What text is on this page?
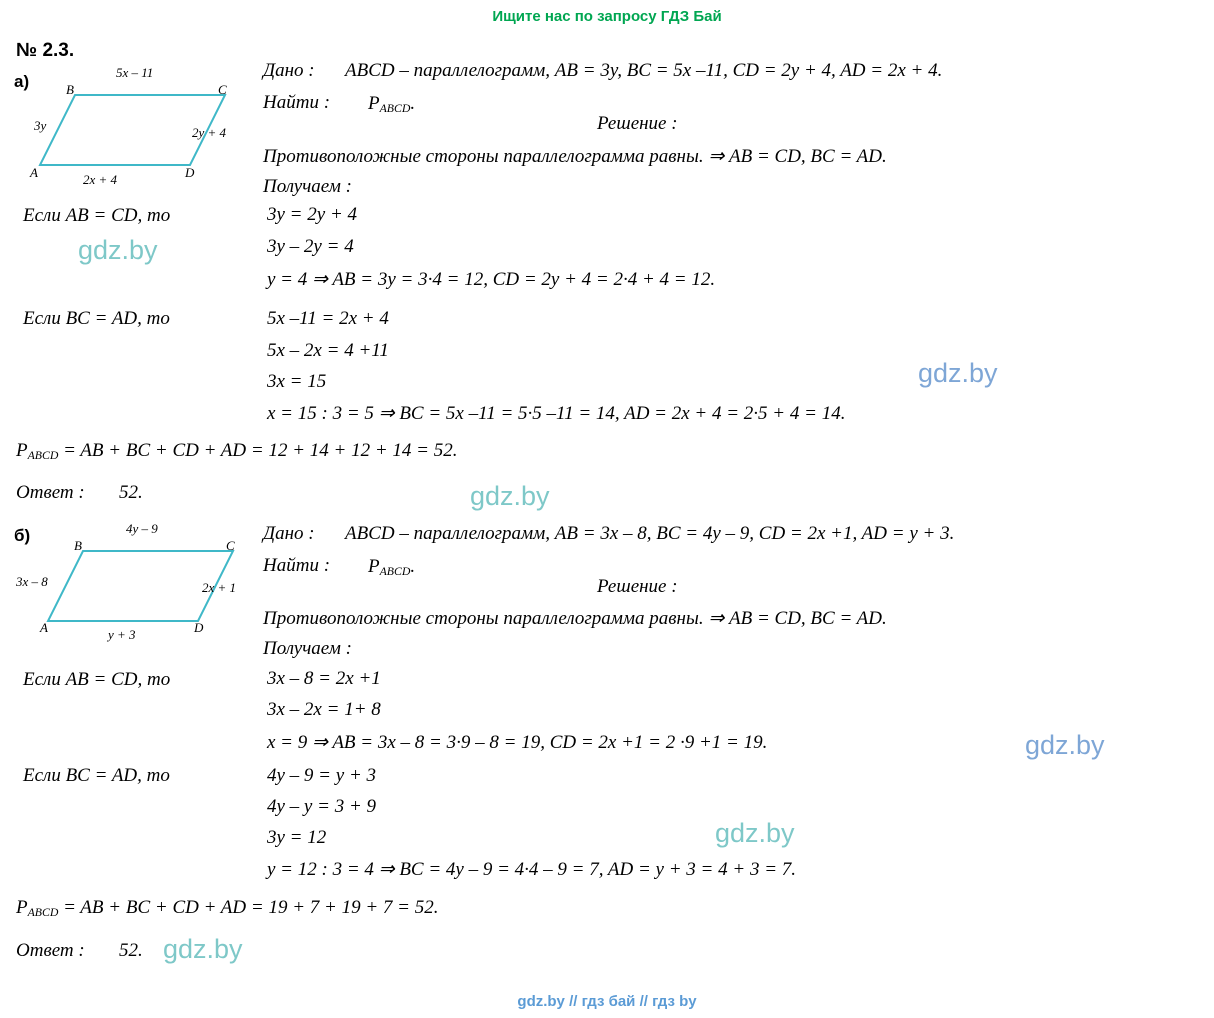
Ищите нас по запросу ГДЗ Бай
№ 2.3.
а)	B	C
A	D
5x – 11
3y	2y + 4
2x + 4
Дано : ABCD – параллелограмм, AB = 3y, BC = 5x –11, CD = 2y + 4, AD = 2x + 4.
Найти : $P_{ABCD}$.
Решение :
Противоположные стороны параллелограмма равны. ⇒ AB = CD, BC = AD.
Получаем :
Если AB = CD, то	3y = 2y + 4
3y – 2y = 4
y = 4 ⇒ AB = 3y = 3·4 = 12, CD = 2y + 4 = 2·4 + 4 = 12.
Если BC = AD, то	5x –11 = 2x + 4
5x – 2x = 4 +11
3x = 15
x = 15 : 3 = 5 ⇒ BC = 5x –11 = 5·5 –11 = 14, AD = 2x + 4 = 2·5 + 4 = 14.
$P_{ABCD}$ = AB + BC + CD + AD = 12 + 14 + 12 + 14 = 52.
Ответ : 52.
б)
B	C
A	D
4y – 9
3x – 8	2x + 1
y + 3
Дано : ABCD – параллелограмм, AB = 3x – 8, BC = 4y – 9, CD = 2x +1, AD = y + 3.
Найти : $P_{ABCD}$.
Решение :
Противоположные стороны параллелограмма равны. ⇒ AB = CD, BC = AD.
Получаем :
Если AB = CD, то	3x – 8 = 2x +1
3x – 2x = 1+ 8
x = 9 ⇒ AB = 3x – 8 = 3·9 – 8 = 19, CD = 2x +1 = 2 ·9 +1 = 19.
Если BC = AD, то	4y – 9 = y + 3
4y – y = 3 + 9
3y = 12
y = 12 : 3 = 4 ⇒ BC = 4y – 9 = 4·4 – 9 = 7, AD = y + 3 = 4 + 3 = 7.
$P_{ABCD}$ = AB + BC + CD + AD = 19 + 7 + 19 + 7 = 52.
Ответ : 52.
gdz.by
gdz.by
gdz.by
gdz.by
gdz.by
gdz.by
gdz.by // гдз бай // гдз by
